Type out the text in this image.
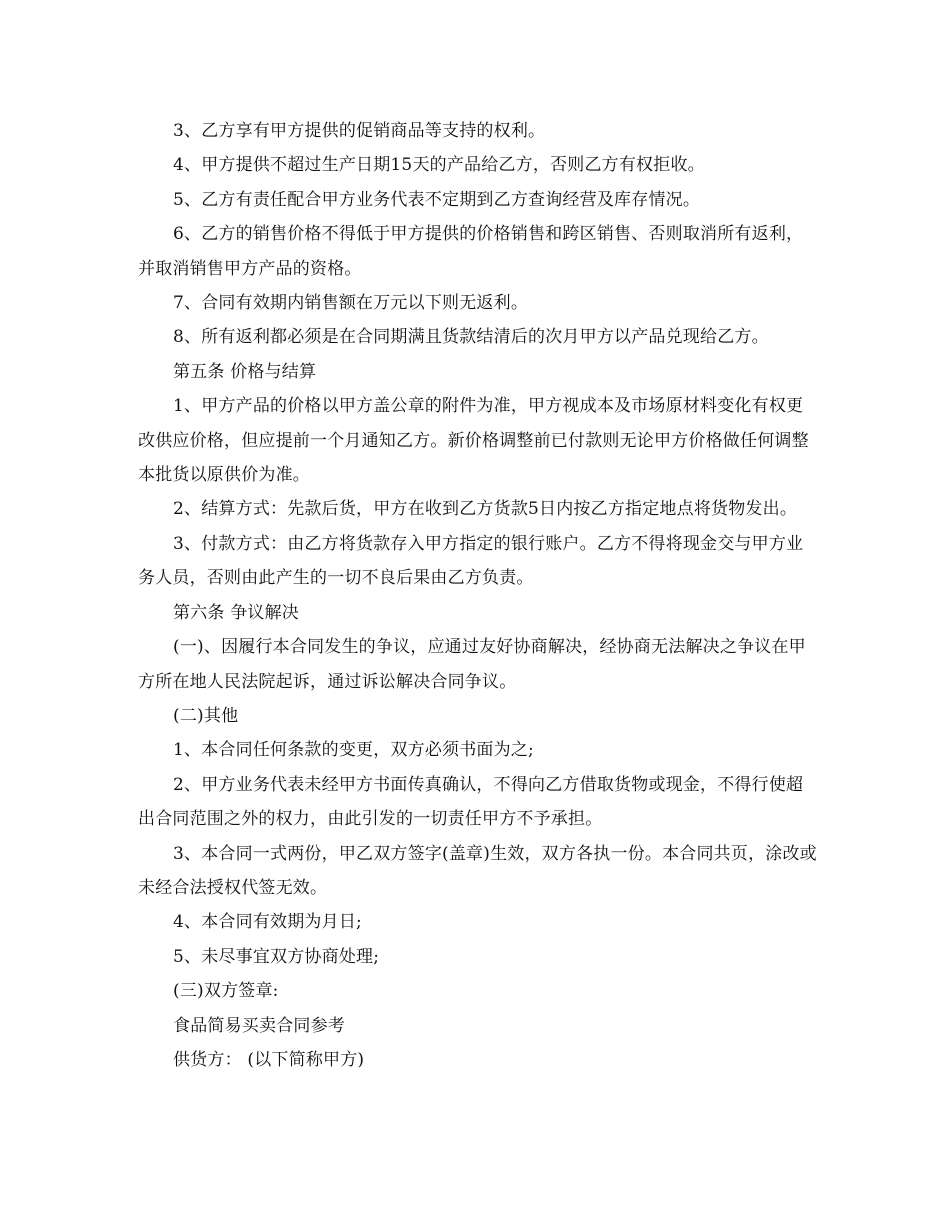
3、乙方享有甲方提供的促销商品等支持的权利。

4、甲方提供不超过生产日期15天的产品给乙方，否则乙方有权拒收。

5、乙方有责任配合甲方业务代表不定期到乙方查询经营及库存情况。

6、乙方的销售价格不得低于甲方提供的价格销售和跨区销售、否则取消所有返利，并取消销售甲方产品的资格。

7、合同有效期内销售额在万元以下则无返利。

8、所有返利都必须是在合同期满且货款结清后的次月甲方以产品兑现给乙方。

第五条 价格与结算

1、甲方产品的价格以甲方盖公章的附件为准，甲方视成本及市场原材料变化有权更改供应价格，但应提前一个月通知乙方。新价格调整前已付款则无论甲方价格做任何调整本批货以原供价为准。

2、结算方式：先款后货，甲方在收到乙方货款5日内按乙方指定地点将货物发出。

3、付款方式：由乙方将货款存入甲方指定的银行账户。乙方不得将现金交与甲方业务人员，否则由此产生的一切不良后果由乙方负责。

第六条 争议解决

(一)、因履行本合同发生的争议，应通过友好协商解决，经协商无法解决之争议在甲方所在地人民法院起诉，通过诉讼解决合同争议。

(二)其他

1、本合同任何条款的变更，双方必须书面为之;

2、甲方业务代表未经甲方书面传真确认，不得向乙方借取货物或现金，不得行使超出合同范围之外的权力，由此引发的一切责任甲方不予承担。

3、本合同一式两份，甲乙双方签字(盖章)生效，双方各执一份。本合同共页，涂改或未经合法授权代签无效。

4、本合同有效期为月日;

5、未尽事宜双方协商处理;

(三)双方签章:

食品简易买卖合同参考

供货方： (以下简称甲方)
